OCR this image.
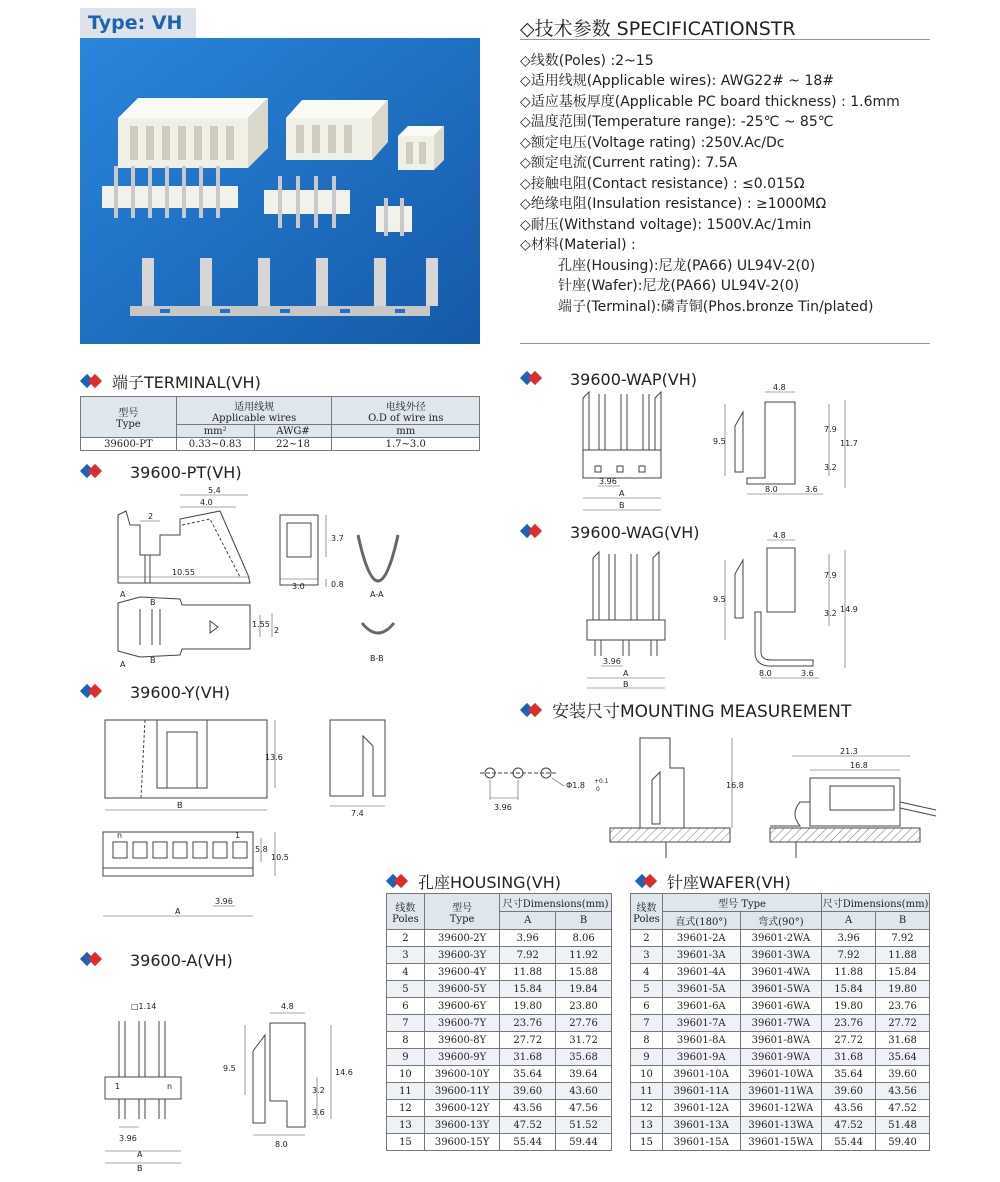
Type: VH	◇技术参数 SPECIFICATIONSTR
◇线数(Poles) :2~15
◇适用线规(Applicable wires): AWG22# ~ 18#
◇适应基板厚度(Applicable PC board thickness) : 1.6mm
◇温度范围(Temperature range): -25℃ ~ 85℃
◇额定电压(Voltage rating) :250V.Ac/Dc
◇额定电流(Current rating): 7.5A
◇接触电阻(Contact resistance) : ≤0.015Ω
◇绝缘电阻(Insulation resistance) : ≥1000MΩ
◇耐压(Withstand voltage): 1500V.Ac/1min
◇材料(Material) :
孔座(Housing):尼龙(PA66) UL94V-2(0)
针座(Wafer):尼龙(PA66) UL94V-2(0)
端子(Terminal):磷青铜(Phos.bronze Tin/plated)
端子TERMINAL(VH)
型号
Type	适用线规
Applicable wires		电线外径
O.D of wire ins
	mm²	AWG#	mm
39600-PT	0.33~0.83	22~18	1.7~3.0
39600-PT(VH)
5.4
4.0
2
10.55
3.0
3.7
0.8
A-A
B-B
1.55
2
A
B
A	B
39600-Y(VH)
13.6
B
7.4
n	1
5.8
10.5
3.96
A
39600-A(VH)
□1.14
1	n
3.96
A
B
4.8
9.5
3.2
3.6
14.6
8.0
39600-WAP(VH)
3.96
A
B
4.8
9.5
7.9
11.7
3.2
8.0	3.6
39600-WAG(VH)
3.96
A
B
4.8
9.5
7.9
14.9
3.2
8.0	3.6
安装尺寸MOUNTING MEASUREMENT
3.96
Φ1.8 +0.1
0	16.8
21.3
16.8
孔座HOUSING(VH)
线数
Poles	型号
Type	尺寸Dimensions(mm)	
		A	B
2	39600-2Y	3.96	8.06
3	39600-3Y	7.92	11.92
4	39600-4Y	11.88	15.88
5	39600-5Y	15.84	19.84
6	39600-6Y	19.80	23.80
7	39600-7Y	23.76	27.76
8	39600-8Y	27.72	31.72
9	39600-9Y	31.68	35.68
10	39600-10Y	35.64	39.64
11	39600-11Y	39.60	43.60
12	39600-12Y	43.56	47.56
13	39600-13Y	47.52	51.52
15	39600-15Y	55.44	59.44
针座WAFER(VH)
线数
Poles	型号 Type		尺寸Dimensions(mm)	
	直式(180°)	弯式(90°)	A	B
2	39601-2A	39601-2WA	3.96	7.92
3	39601-3A	39601-3WA	7.92	11.88
4	39601-4A	39601-4WA	11.88	15.84
5	39601-5A	39601-5WA	15.84	19.80
6	39601-6A	39601-6WA	19.80	23.76
7	39601-7A	39601-7WA	23.76	27.72
8	39601-8A	39601-8WA	27.72	31.68
9	39601-9A	39601-9WA	31.68	35.64
10	39601-10A	39601-10WA	35.64	39.60
11	39601-11A	39601-11WA	39.60	43.56
12	39601-12A	39601-12WA	43.56	47.52
13	39601-13A	39601-13WA	47.52	51.48
15	39601-15A	39601-15WA	55.44	59.40
